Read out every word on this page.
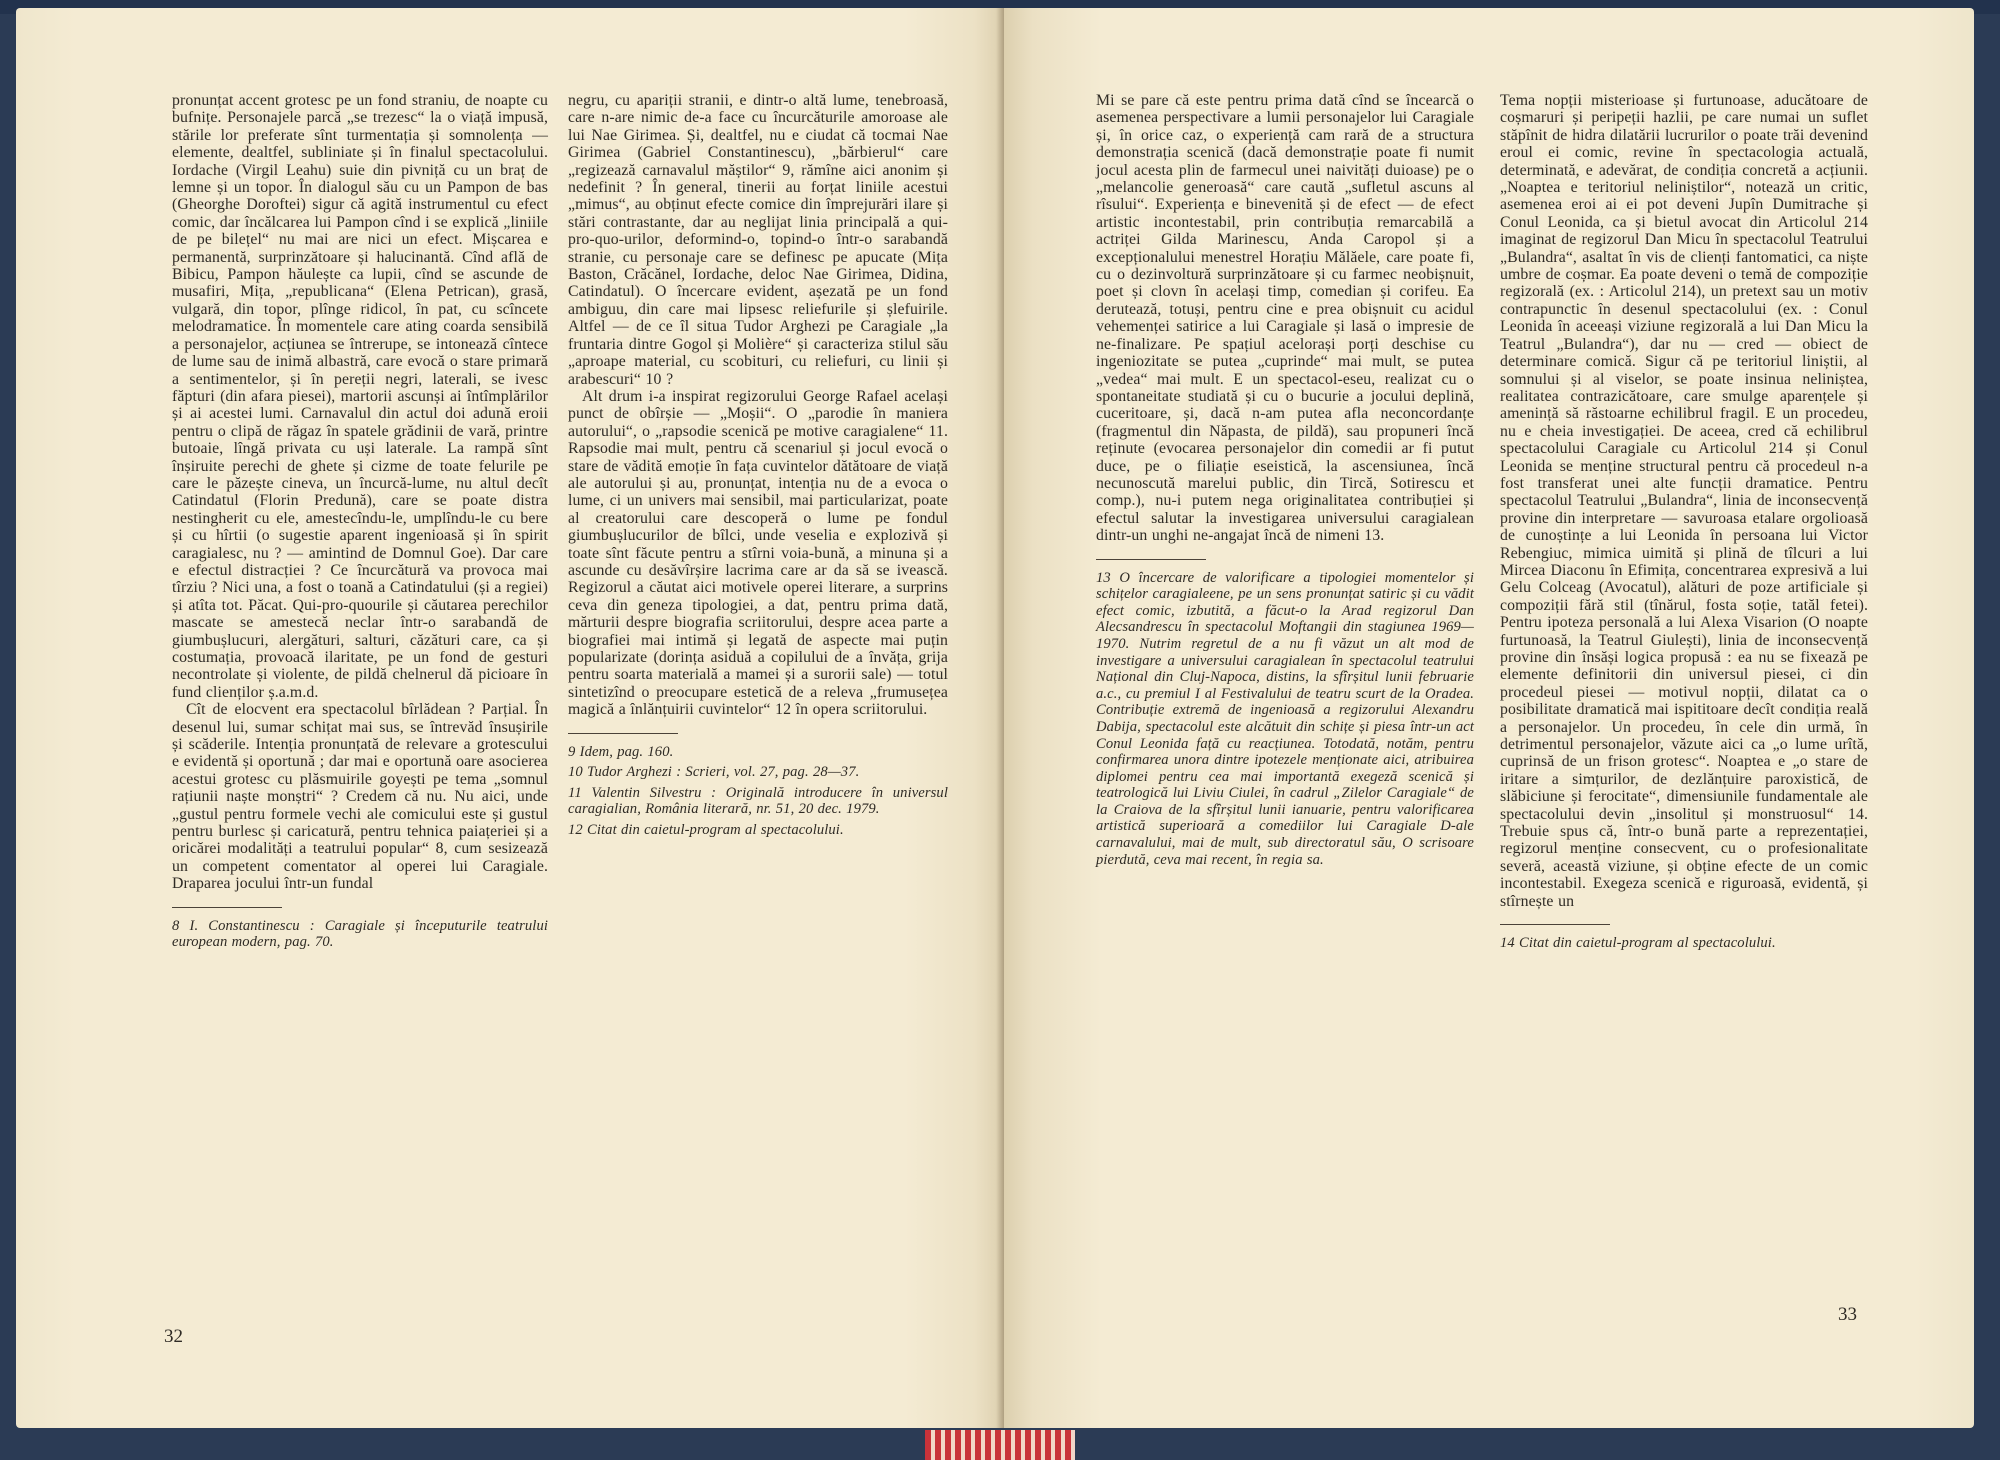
pronunțat accent grotesc pe un fond straniu, de noapte cu bufnițe. Personajele parcă „se trezesc“ la o viață impusă, stările lor preferate sînt turmentația și somnolența — elemente, dealtfel, subliniate și în finalul spectacolului. Iordache (Virgil Leahu) suie din pivniță cu un braț de lemne și un topor. În dialogul său cu un Pampon de bas (Gheorghe Doroftei) sigur că agită instrumentul cu efect comic, dar încălcarea lui Pampon cînd i se explică „liniile de pe bilețel“ nu mai are nici un efect. Mișcarea e permanentă, surprinzătoare și halucinantă. Cînd află de Bibicu, Pampon hăulește ca lupii, cînd se ascunde de musafiri, Mița, „republicana“ (Elena Petrican), grasă, vulgară, din topor, plînge ridicol, în pat, cu scîncete melodramatice. În momentele care ating coarda sensibilă a personajelor, acțiunea se întrerupe, se intonează cîntece de lume sau de inimă albastră, care evocă o stare primară a sentimentelor, și în pereții negri, laterali, se ivesc făpturi (din afara piesei), martorii ascunși ai întîmplărilor și ai acestei lumi. Carnavalul din actul doi adună eroii pentru o clipă de răgaz în spatele grădinii de vară, printre butoaie, lîngă privata cu uși laterale. La rampă sînt înșiruite perechi de ghete și cizme de toate felurile pe care le păzește cineva, un încurcă-lume, nu altul decît Catindatul (Florin Predună), care se poate distra nestingherit cu ele, amestecîndu-le, umplîndu-le cu bere și cu hîrtii (o sugestie aparent ingenioasă și în spirit caragialesc, nu ? — amintind de Domnul Goe). Dar care e efectul distracției ? Ce încurcătură va provoca mai tîrziu ? Nici una, a fost o toană a Catindatului (și a regiei) și atîta tot. Păcat. Qui-pro-quourile și căutarea perechilor mascate se amestecă neclar într-o sarabandă de giumbușlucuri, alergături, salturi, căzături care, ca și costumația, provoacă ilaritate, pe un fond de gesturi necontrolate și violente, de pildă chelnerul dă picioare în fund clienților ș.a.m.d.

Cît de elocvent era spectacolul bîrlădean ? Parțial. În desenul lui, sumar schițat mai sus, se întrevăd însușirile și scăderile. Intenția pronunțată de relevare a grotescului e evidentă și oportună ; dar mai e oportună oare asocierea acestui grotesc cu plăsmuirile goyești pe tema „somnul rațiunii naște monștri“ ? Credem că nu. Nu aici, unde „gustul pentru formele vechi ale comicului este și gustul pentru burlesc și caricatură, pentru tehnica paiațeriei și a oricărei modalități a teatrului popular“ 8, cum sesizează un competent comentator al operei lui Caragiale. Draparea jocului într-un fundal

8 I. Constantinescu : Caragiale și începuturile teatrului european modern, pag. 70.

negru, cu apariții stranii, e dintr-o altă lume, tenebroasă, care n-are nimic de-a face cu încurcăturile amoroase ale lui Nae Girimea. Și, dealtfel, nu e ciudat că tocmai Nae Girimea (Gabriel Constantinescu), „bărbierul“ care „regizează carnavalul măștilor“ 9, rămîne aici anonim și nedefinit ? În general, tinerii au forțat liniile acestui „mimus“, au obținut efecte comice din împrejurări ilare și stări contrastante, dar au neglijat linia principală a qui-pro-quo-urilor, deformind-o, topind-o într-o sarabandă stranie, cu personaje care se definesc pe apucate (Mița Baston, Crăcănel, Iordache, deloc Nae Girimea, Didina, Catindatul). O încercare evident, așezată pe un fond ambiguu, din care mai lipsesc reliefurile și șlefuirile. Altfel — de ce îl situa Tudor Arghezi pe Caragiale „la fruntaria dintre Gogol și Molière“ și caracteriza stilul său „aproape material, cu scobituri, cu reliefuri, cu linii și arabescuri“ 10 ?

Alt drum i-a inspirat regizorului George Rafael același punct de obîrșie — „Moșii“. O „parodie în maniera autorului“, o „rapsodie scenică pe motive caragialene“ 11. Rapsodie mai mult, pentru că scenariul și jocul evocă o stare de vădită emoție în fața cuvintelor dătătoare de viață ale autorului și au, pronunțat, intenția nu de a evoca o lume, ci un univers mai sensibil, mai particularizat, poate al creatorului care descoperă o lume pe fondul giumbușlucurilor de bîlci, unde veselia e explozivă și toate sînt făcute pentru a stîrni voia-bună, a minuna și a ascunde cu desăvîrșire lacrima care ar da să se ivească. Regizorul a căutat aici motivele operei literare, a surprins ceva din geneza tipologiei, a dat, pentru prima dată, mărturii despre biografia scriitorului, despre acea parte a biografiei mai intimă și legată de aspecte mai puțin popularizate (dorința asiduă a copilului de a învăța, grija pentru soarta materială a mamei și a surorii sale) — totul sintetizînd o preocupare estetică de a releva „frumusețea magică a înlănțuirii cuvintelor“ 12 în opera scriitorului.

9 Idem, pag. 160.

10 Tudor Arghezi : Scrieri, vol. 27, pag. 28—37.

11 Valentin Silvestru : Originală introducere în universul caragialian, România literară, nr. 51, 20 dec. 1979.

12 Citat din caietul-program al spectacolului.

32

Mi se pare că este pentru prima dată cînd se încearcă o asemenea perspectivare a lumii personajelor lui Caragiale și, în orice caz, o experiență cam rară de a structura demonstrația scenică (dacă demonstrație poate fi numit jocul acesta plin de farmecul unei naivități duioase) pe o „melancolie generoasă“ care caută „sufletul ascuns al rîsului“. Experiența e binevenită și de efect — de efect artistic incontestabil, prin contribuția remarcabilă a actriței Gilda Marinescu, Anda Caropol și a excepționalului menestrel Horațiu Mălăele, care poate fi, cu o dezinvoltură surprinzătoare și cu farmec neobișnuit, poet și clovn în același timp, comedian și corifeu. Ea derutează, totuși, pentru cine e prea obișnuit cu acidul vehemenței satirice a lui Caragiale și lasă o impresie de ne-finalizare. Pe spațiul acelorași porți deschise cu ingeniozitate se putea „cuprinde“ mai mult, se putea „vedea“ mai mult. E un spectacol-eseu, realizat cu o spontaneitate studiată și cu o bucurie a jocului deplină, cuceritoare, și, dacă n-am putea afla neconcordanțe (fragmentul din Năpasta, de pildă), sau propuneri încă reținute (evocarea personajelor din comedii ar fi putut duce, pe o filiație eseistică, la ascensiunea, încă necunoscută marelui public, din Tircă, Sotirescu et comp.), nu-i putem nega originalitatea contribuției și efectul salutar la investigarea universului caragialean dintr-un unghi ne-angajat încă de nimeni 13.

13 O încercare de valorificare a tipologiei momentelor și schițelor caragialeene, pe un sens pronunțat satiric și cu vădit efect comic, izbutită, a făcut-o la Arad regizorul Dan Alecsandrescu în spectacolul Moftangii din stagiunea 1969—1970. Nutrim regretul de a nu fi văzut un alt mod de investigare a universului caragialean în spectacolul teatrului Național din Cluj-Napoca, distins, la sfîrșitul lunii februarie a.c., cu premiul I al Festivalului de teatru scurt de la Oradea. Contribuție extremă de ingenioasă a regizorului Alexandru Dabija, spectacolul este alcătuit din schițe și piesa într-un act Conul Leonida față cu reacțiunea. Totodată, notăm, pentru confirmarea unora dintre ipotezele menționate aici, atribuirea diplomei pentru cea mai importantă exegeză scenică și teatrologică lui Liviu Ciulei, în cadrul „Zilelor Caragiale“ de la Craiova de la sfîrșitul lunii ianuarie, pentru valorificarea artistică superioară a comediilor lui Caragiale D-ale carnavalului, mai de mult, sub directoratul său, O scrisoare pierdută, ceva mai recent, în regia sa.

Tema nopții misterioase și furtunoase, aducătoare de coșmaruri și peripeții hazlii, pe care numai un suflet stăpînit de hidra dilatării lucrurilor o poate trăi devenind eroul ei comic, revine în spectacologia actuală, determinată, e adevărat, de condiția concretă a acțiunii. „Noaptea e teritoriul neliniștilor“, notează un critic, asemenea eroi ai ei pot deveni Jupîn Dumitrache și Conul Leonida, ca și bietul avocat din Articolul 214 imaginat de regizorul Dan Micu în spectacolul Teatrului „Bulandra“, asaltat în vis de clienți fantomatici, ca niște umbre de coșmar. Ea poate deveni o temă de compoziție regizorală (ex. : Articolul 214), un pretext sau un motiv contrapunctic în desenul spectacolului (ex. : Conul Leonida în aceeași viziune regizorală a lui Dan Micu la Teatrul „Bulandra“), dar nu — cred — obiect de determinare comică. Sigur că pe teritoriul liniștii, al somnului și al viselor, se poate insinua neliniștea, realitatea contrazicătoare, care smulge aparențele și amenință să răstoarne echilibrul fragil. E un procedeu, nu e cheia investigației. De aceea, cred că echilibrul spectacolului Caragiale cu Articolul 214 și Conul Leonida se menține structural pentru că procedeul n-a fost transferat unei alte funcții dramatice. Pentru spectacolul Teatrului „Bulandra“, linia de inconsecvență provine din interpretare — savuroasa etalare orgolioasă de cunoștințe a lui Leonida în persoana lui Victor Rebengiuc, mimica uimită și plină de tîlcuri a lui Mircea Diaconu în Efimița, concentrarea expresivă a lui Gelu Colceag (Avocatul), alături de poze artificiale și compoziții fără stil (tînărul, fosta soție, tatăl fetei). Pentru ipoteza personală a lui Alexa Visarion (O noapte furtunoasă, la Teatrul Giulești), linia de inconsecvență provine din însăși logica propusă : ea nu se fixează pe elemente definitorii din universul piesei, ci din procedeul piesei — motivul nopții, dilatat ca o posibilitate dramatică mai ispititoare decît condiția reală a personajelor. Un procedeu, în cele din urmă, în detrimentul personajelor, văzute aici ca „o lume urîtă, cuprinsă de un frison grotesc“. Noaptea e „o stare de iritare a simțurilor, de dezlănțuire paroxistică, de slăbiciune și ferocitate“, dimensiunile fundamentale ale spectacolului devin „insolitul și monstruosul“ 14. Trebuie spus că, într-o bună parte a reprezentației, regizorul menține consecvent, cu o profesionalitate severă, această viziune, și obține efecte de un comic incontestabil. Exegeza scenică e riguroasă, evidentă, și stîrnește un

14 Citat din caietul-program al spectacolului.

33
